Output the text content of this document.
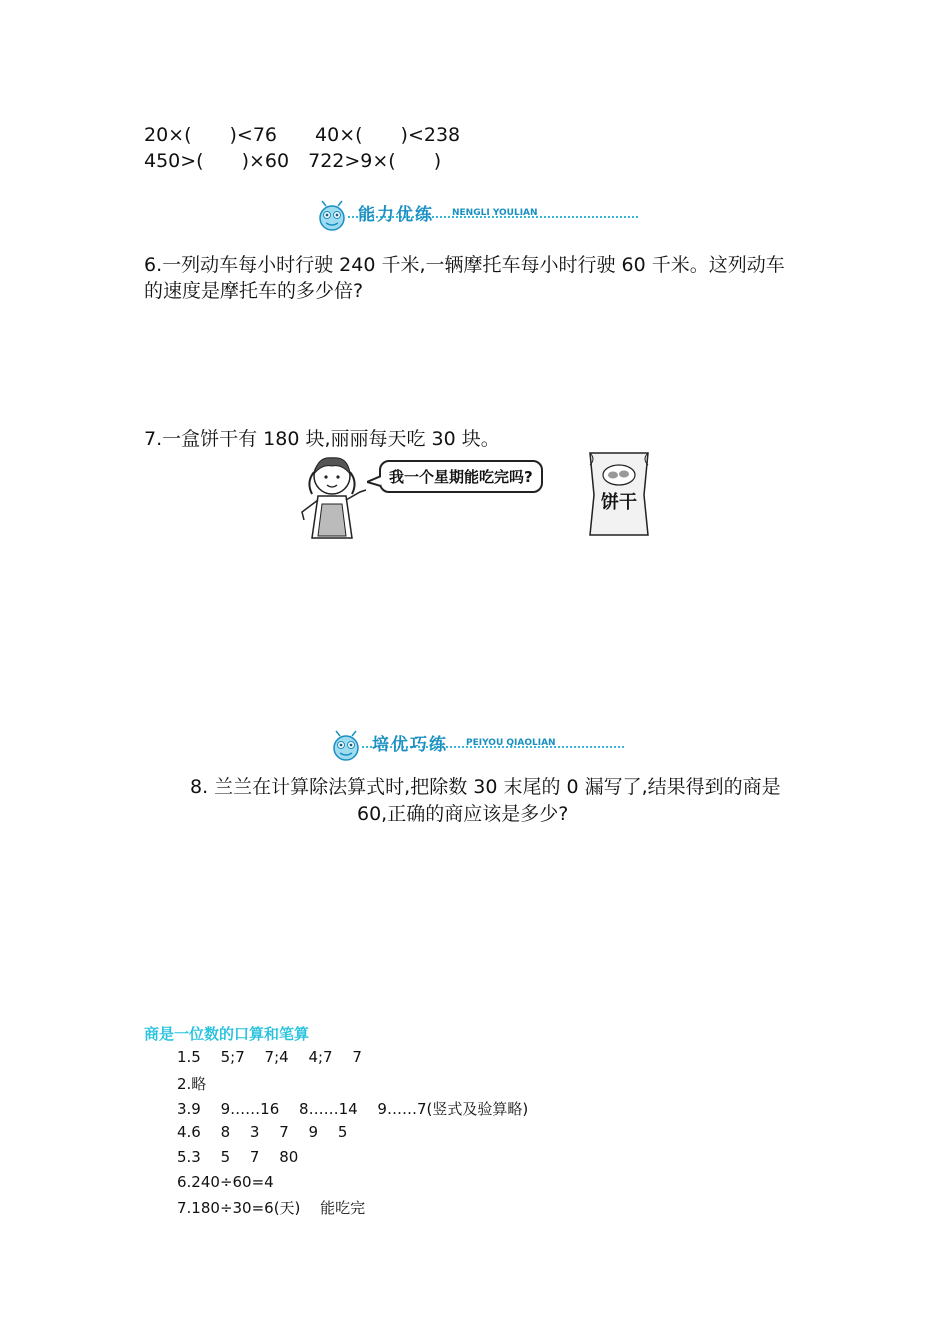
20×(  )<76  40×(  )<238
450>(  )×60 722>9×(  )
能力优练 NENGLI YOULIAN
6.一列动车每小时行驶 240 千米,一辆摩托车每小时行驶 60 千米。这列动车
的速度是摩托车的多少倍?
7.一盒饼干有 180 块,丽丽每天吃 30 块。
我一个星期能吃完吗?
饼干
培优巧练 PEIYOU QIAOLIAN
8. 兰兰在计算除法算式时,把除数 30 末尾的 0 漏写了,结果得到的商是
60,正确的商应该是多少?
商是一位数的口算和笔算
1.5  5;7  7;4  4;7  7
2.略
3.9  9……16  8……14  9……7(竖式及验算略)
4.6  8  3  7  9  5
5.3  5  7  80
6.240÷60=4
7.180÷30=6(天)  能吃完
